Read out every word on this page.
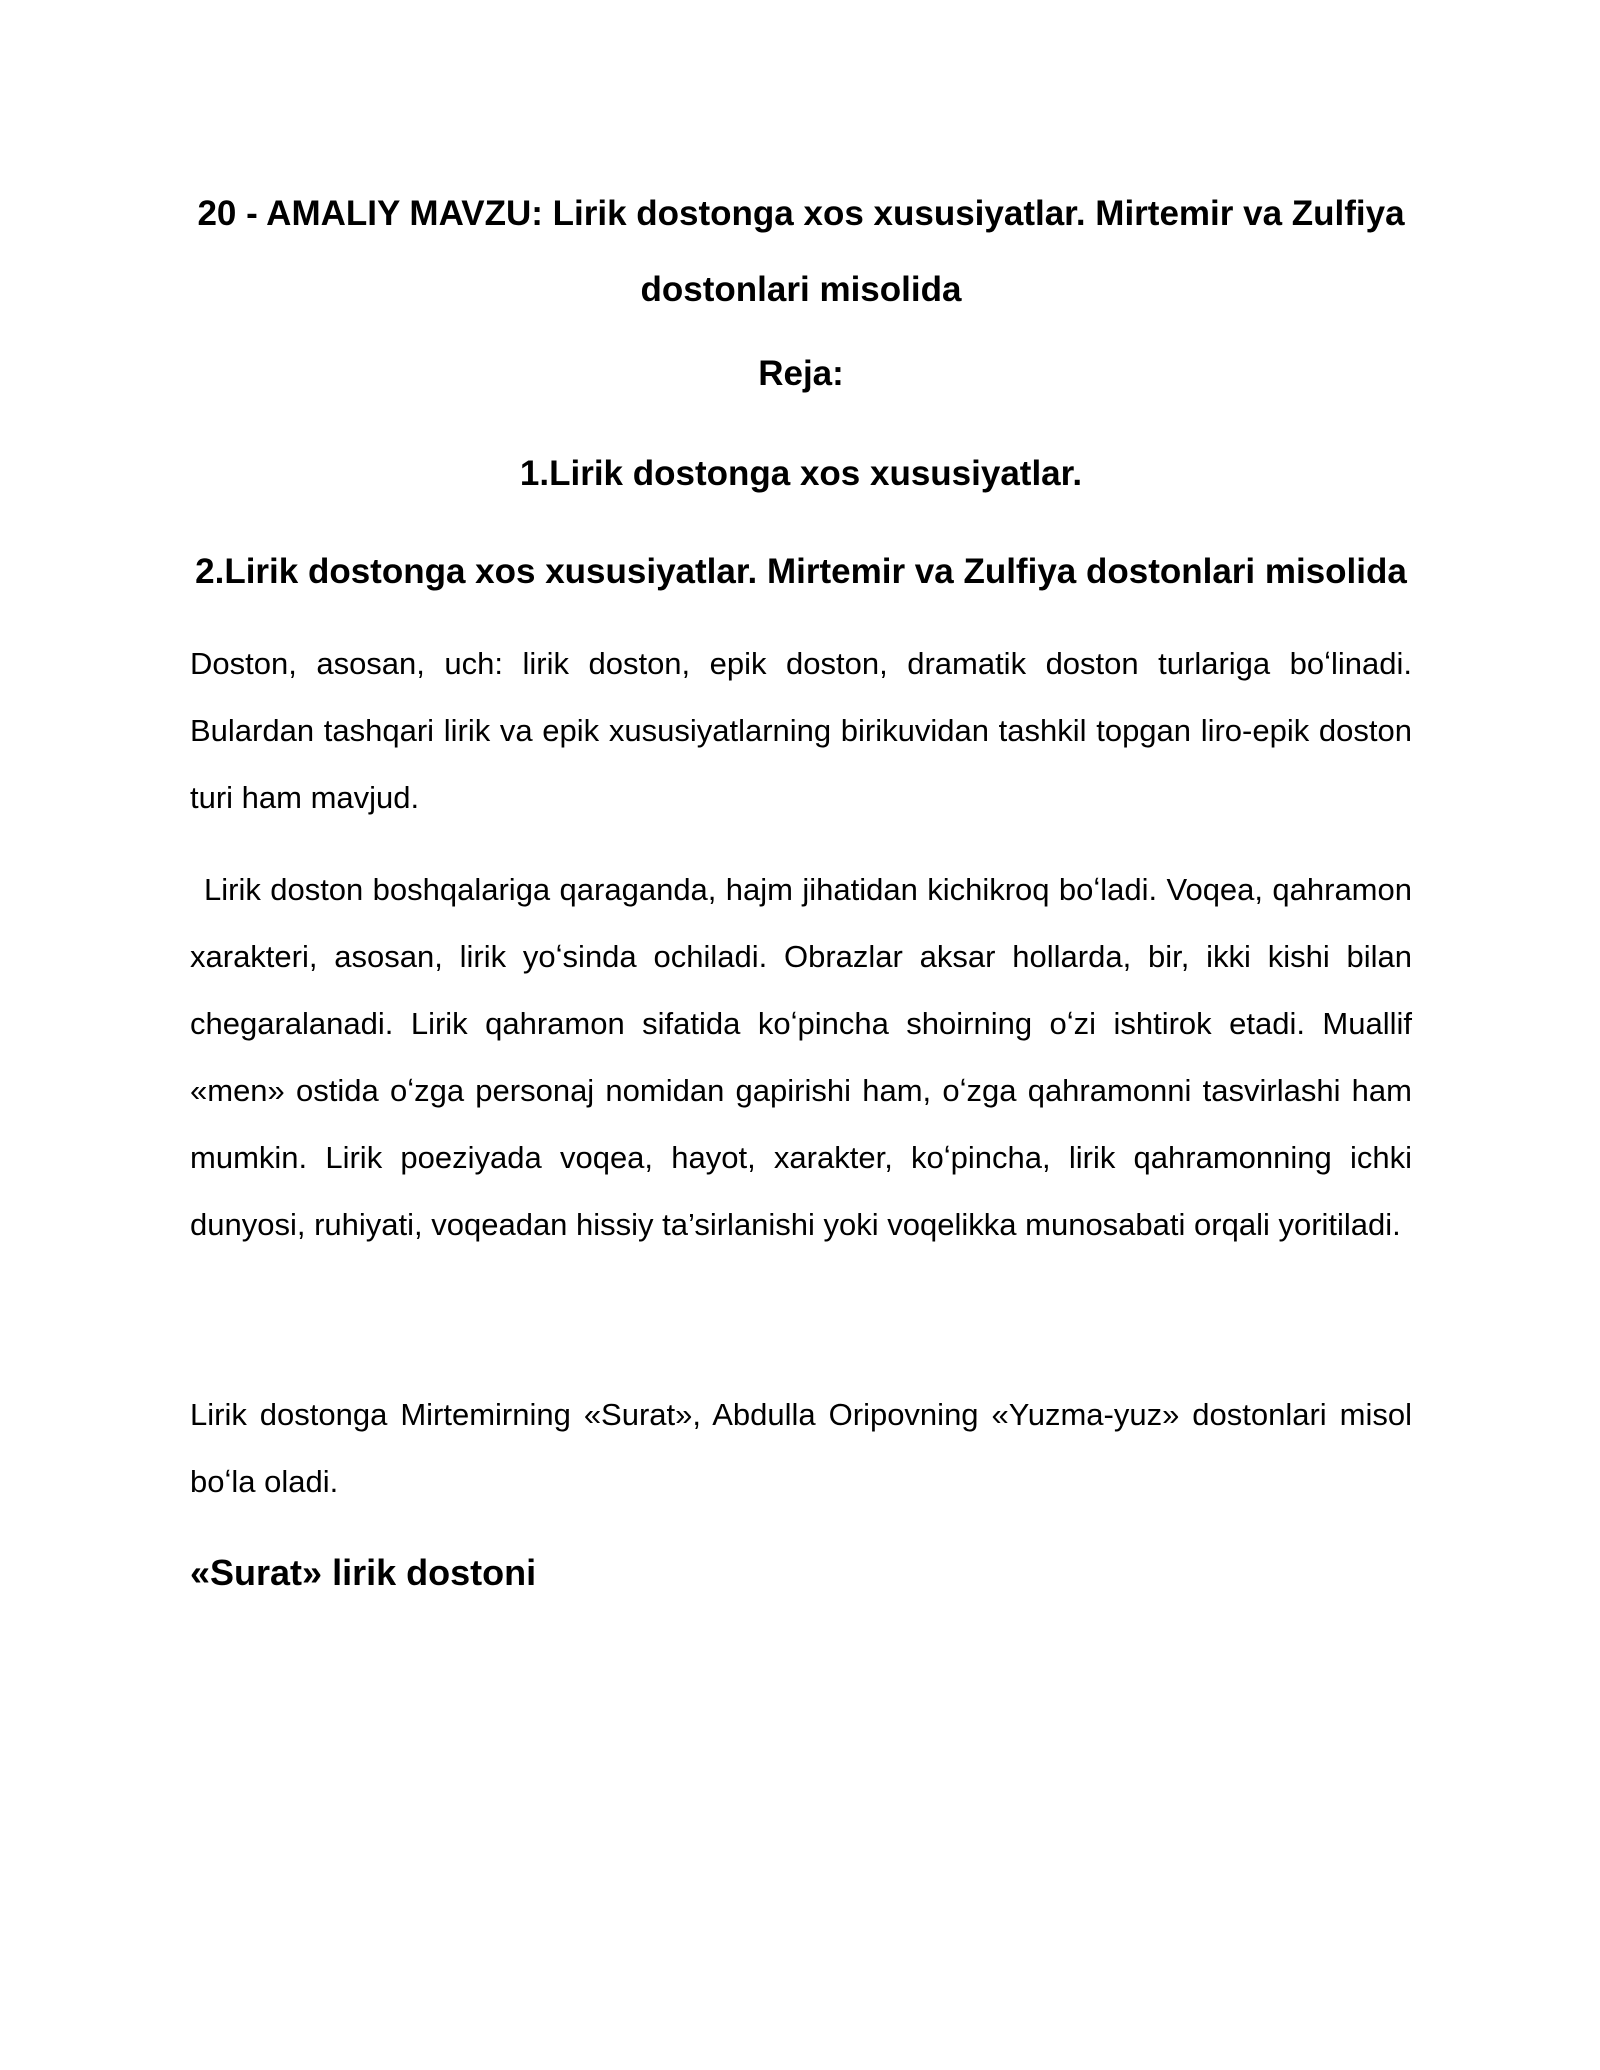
20 - AMALIY MAVZU: Lirik dostonga xos xususiyatlar. Mirtemir va Zulfiya dostonlari misolida
Reja:
1.Lirik dostonga xos xususiyatlar.
2.Lirik dostonga xos xususiyatlar. Mirtemir va Zulfiya dostonlari misolida

Doston, asosan, uch: lirik doston, epik doston, dramatik doston turlariga boʻlinadi. Bulardan tashqari lirik va epik xususiyatlarning birikuvidan tashkil topgan liro-epik doston turi ham mavjud.

Lirik doston boshqalariga qaraganda, hajm jihatidan kichikroq boʻladi. Voqea, qahramon xarakteri, asosan, lirik yoʻsinda ochiladi. Obrazlar aksar hollarda, bir, ikki kishi bilan chegaralanadi. Lirik qahramon sifatida koʻpincha shoirning oʻzi ishtirok etadi. Muallif «men» ostida oʻzga personaj nomidan gapirishi ham, oʻzga qahramonni tasvirlashi ham mumkin. Lirik poeziyada voqea, hayot, xarakter, koʻpincha, lirik qahramonning ichki dunyosi, ruhiyati, voqeadan hissiy ta’sirlanishi yoki voqelikka munosabati orqali yoritiladi.

Lirik dostonga Mirtemirning «Surat», Abdulla Oripovning «Yuzma-yuz» dostonlari misol boʻla oladi.

«Surat» lirik dostoni
